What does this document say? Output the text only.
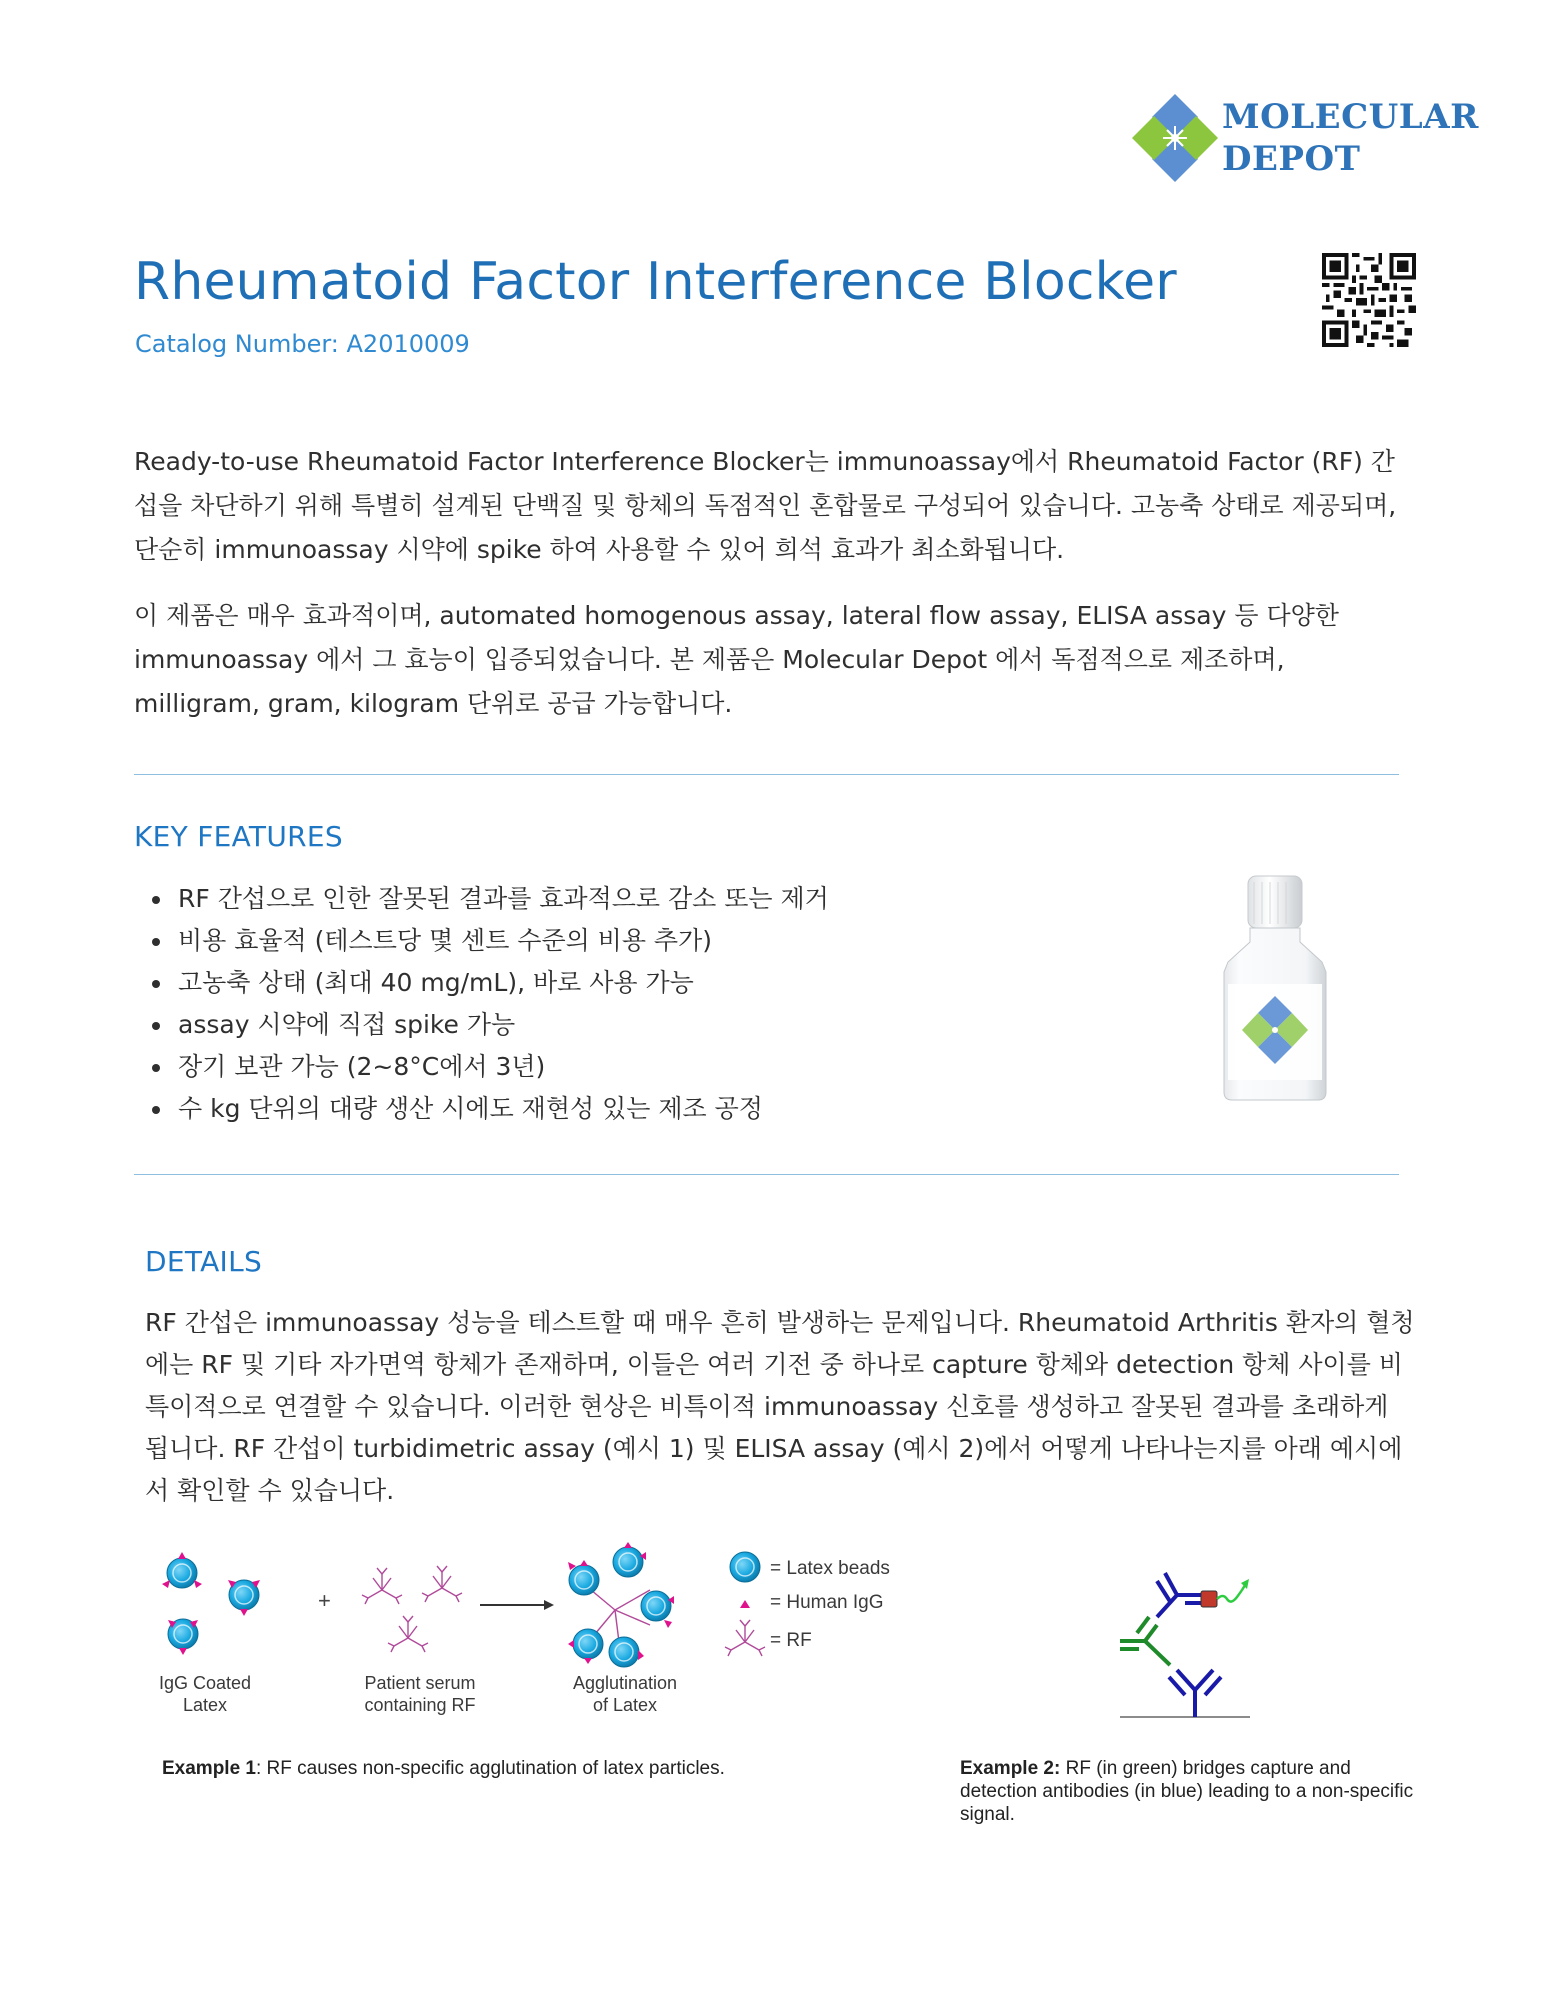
MOLECULAR
DEPOT
Rheumatoid Factor Interference Blocker
Catalog Number: A2010009

Ready-to-use Rheumatoid Factor Interference Blocker는 immunoassay에서 Rheumatoid Factor (RF) 간섭을 차단하기 위해 특별히 설계된 단백질 및 항체의 독점적인 혼합물로 구성되어 있습니다. 고농축 상태로 제공되며, 단순히 immunoassay 시약에 spike 하여 사용할 수 있어 희석 효과가 최소화됩니다.

이 제품은 매우 효과적이며, automated homogenous assay, lateral flow assay, ELISA assay 등 다양한 immunoassay 에서 그 효능이 입증되었습니다. 본 제품은 Molecular Depot 에서 독점적으로 제조하며, milligram, gram, kilogram 단위로 공급 가능합니다.

KEY FEATURES
• RF 간섭으로 인한 잘못된 결과를 효과적으로 감소 또는 제거
• 비용 효율적 (테스트당 몇 센트 수준의 비용 추가)
• 고농축 상태 (최대 40 mg/mL), 바로 사용 가능
• assay 시약에 직접 spike 가능
• 장기 보관 가능 (2~8°C에서 3년)
• 수 kg 단위의 대량 생산 시에도 재현성 있는 제조 공정
DETAILS

RF 간섭은 immunoassay 성능을 테스트할 때 매우 흔히 발생하는 문제입니다. Rheumatoid Arthritis 환자의 혈청에는 RF 및 기타 자가면역 항체가 존재하며, 이들은 여러 기전 중 하나로 capture 항체와 detection 항체 사이를 비특이적으로 연결할 수 있습니다. 이러한 현상은 비특이적 immunoassay 신호를 생성하고 잘못된 결과를 초래하게 됩니다. RF 간섭이 turbidimetric assay (예시 1) 및 ELISA assay (예시 2)에서 어떻게 나타나는지를 아래 예시에서 확인할 수 있습니다.

+
= Latex beads
= Human IgG
= RF
IgG Coated
Latex
Patient serum
containing RF
Agglutination
of Latex
Example 1: RF causes non-specific agglutination of latex particles.	Example 2: RF (in green) bridges capture and detection antibodies (in blue) leading to a non-specific signal.
